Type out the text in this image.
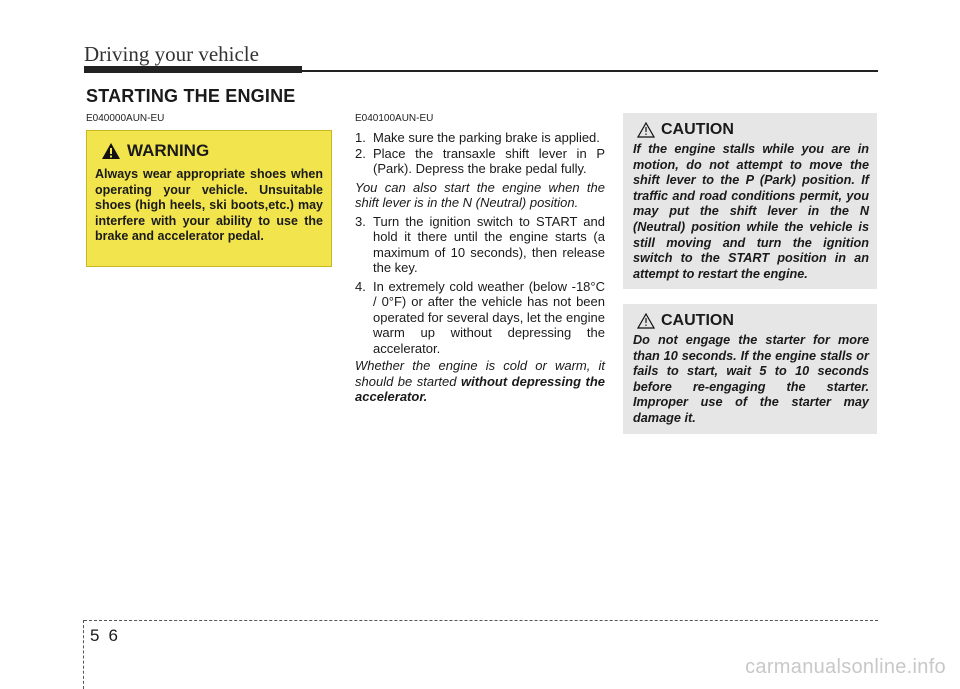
Driving your vehicle
STARTING THE ENGINE
E040000AUN-EU	E040100AUN-EU
WARNING
Always wear appropriate shoes when operating your vehicle. Unsuitable shoes (high heels, ski boots,etc.) may interfere with your ability to use the brake and accelerator pedal.
1. Make sure the parking brake is applied.
2. Place the transaxle shift lever in P (Park). Depress the brake pedal fully.
You can also start the engine when the shift lever is in the N (Neutral) position.
3. Turn the ignition switch to START and hold it there until the engine starts (a maximum of 10 seconds), then release the key.
4. In extremely cold weather (below -18°C / 0°F) or after the vehicle has not been operated for several days, let the engine warm up without depressing the accelerator.
Whether the engine is cold or warm, it should be started without depressing the accelerator.
CAUTION
If the engine stalls while you are in motion, do not attempt to move the shift lever to the P (Park) position. If traffic and road conditions permit, you may put the shift lever in the N (Neutral) position while the vehicle is still moving and turn the ignition switch to the START position in an attempt to restart the engine.
CAUTION
Do not engage the starter for more than 10 seconds. If the engine stalls or fails to start, wait 5 to 10 seconds before re-engaging the starter. Improper use of the starter may damage it.
56
carmanualsonline.info
